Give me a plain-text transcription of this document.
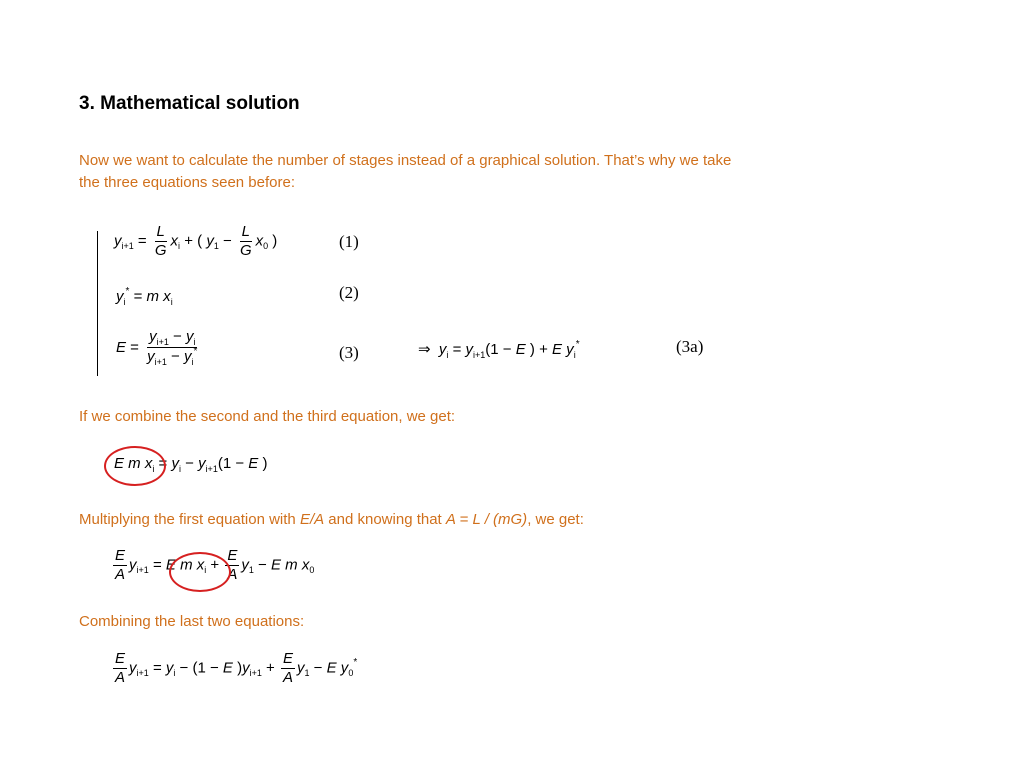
3. Mathematical solution
Now we want to calculate the number of stages instead of a graphical solution. That’s why we take
the three equations seen before:
$y_{i+1} = \frac{L}{G} x_i$ + ( $y_1 - \frac{L}{G} x_0$ )	(1)
$y_i^* = m$ $x_i$	(2)
$E = \frac{y_{i+1} - y_i}{y_{i+1} - y_i^*}$	(3)	⇒  $y_i = y_{i+1}(1 - E$ ) + E $y_i^*$	(3a)
If we combine the second and the third equation, we get:
E m $x_i = y_i - y_{i+1}(1 - E$ )
Multiplying the first equation with E/A and knowing that A = L / (mG), we get:
$\frac{E}{A} y_{i+1} = E$ m $x_i + \frac{E}{A} y_1 - E$ m $x_0$
Combining the last two equations:
$\frac{E}{A} y_{i+1} = y_i - (1 - E$ )$y_{i+1} + \frac{E}{A} y_1 - E$ $y_0^*$
